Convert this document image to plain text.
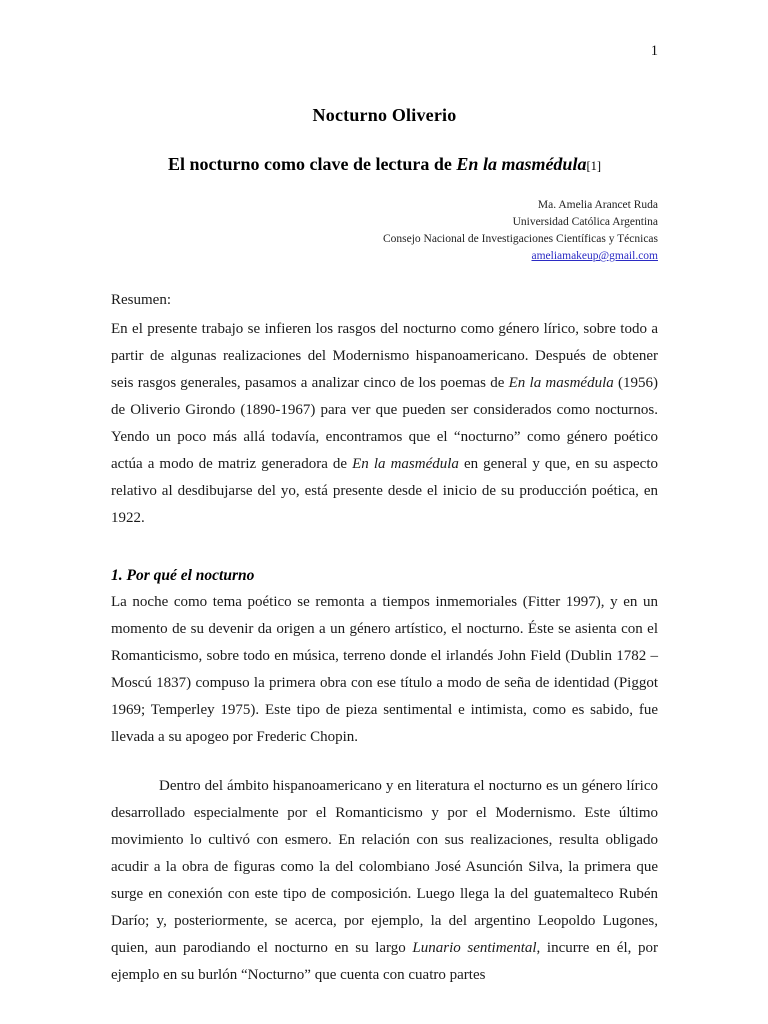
1
Nocturno Oliverio
El nocturno como clave de lectura de En la masmédula[1]
Ma. Amelia Arancet Ruda
Universidad Católica Argentina
Consejo Nacional de Investigaciones Científicas y Técnicas
ameliamakeup@gmail.com
Resumen:

En el presente trabajo se infieren los rasgos del nocturno como género lírico, sobre todo a partir de algunas realizaciones del Modernismo hispanoamericano. Después de obtener seis rasgos generales, pasamos a analizar cinco de los poemas de En la masmédula (1956) de Oliverio Girondo (1890-1967) para ver que pueden ser considerados como nocturnos. Yendo un poco más allá todavía, encontramos que el “nocturno” como género poético actúa a modo de matriz generadora de En la masmédula en general y que, en su aspecto relativo al desdibujarse del yo, está presente desde el inicio de su producción poética, en 1922.

1. Por qué el nocturno

La noche como tema poético se remonta a tiempos inmemoriales (Fitter 1997), y en un momento de su devenir da origen a un género artístico, el nocturno. Éste se asienta con el Romanticismo, sobre todo en música, terreno donde el irlandés John Field (Dublin 1782 – Moscú 1837) compuso la primera obra con ese título a modo de seña de identidad (Piggot 1969; Temperley 1975). Este tipo de pieza sentimental e intimista, como es sabido, fue llevada a su apogeo por Frederic Chopin.

Dentro del ámbito hispanoamericano y en literatura el nocturno es un género lírico desarrollado especialmente por el Romanticismo y por el Modernismo. Este último movimiento lo cultivó con esmero. En relación con sus realizaciones, resulta obligado acudir a la obra de figuras como la del colombiano José Asunción Silva, la primera que surge en conexión con este tipo de composición. Luego llega la del guatemalteco Rubén Darío; y, posteriormente, se acerca, por ejemplo, la del argentino Leopoldo Lugones, quien, aun parodiando el nocturno en su largo Lunario sentimental, incurre en él, por ejemplo en su burlón “Nocturno” que cuenta con cuatro partes
